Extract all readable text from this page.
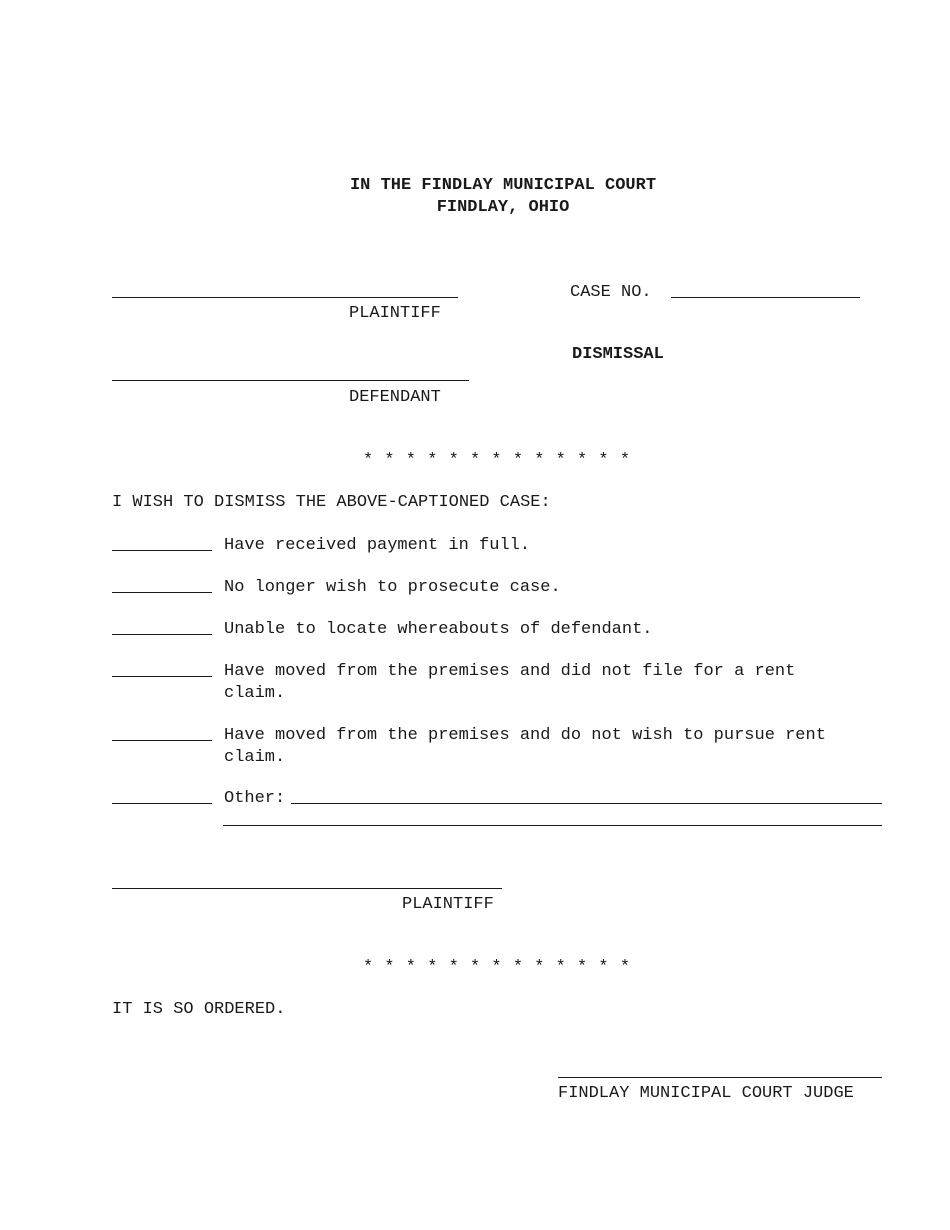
IN THE FINDLAY MUNICIPAL COURT
FINDLAY, OHIO
PLAINTIFF
CASE NO.
DISMISSAL
DEFENDANT
* * * * * * * * * * * * *
I WISH TO DISMISS THE ABOVE-CAPTIONED CASE:
Have received payment in full.
No longer wish to prosecute case.
Unable to locate whereabouts of defendant.
Have moved from the premises and did not file for a rent
claim.
Have moved from the premises and do not wish to pursue rent
claim.
Other:
PLAINTIFF
* * * * * * * * * * * * *
IT IS SO ORDERED.
FINDLAY MUNICIPAL COURT JUDGE
